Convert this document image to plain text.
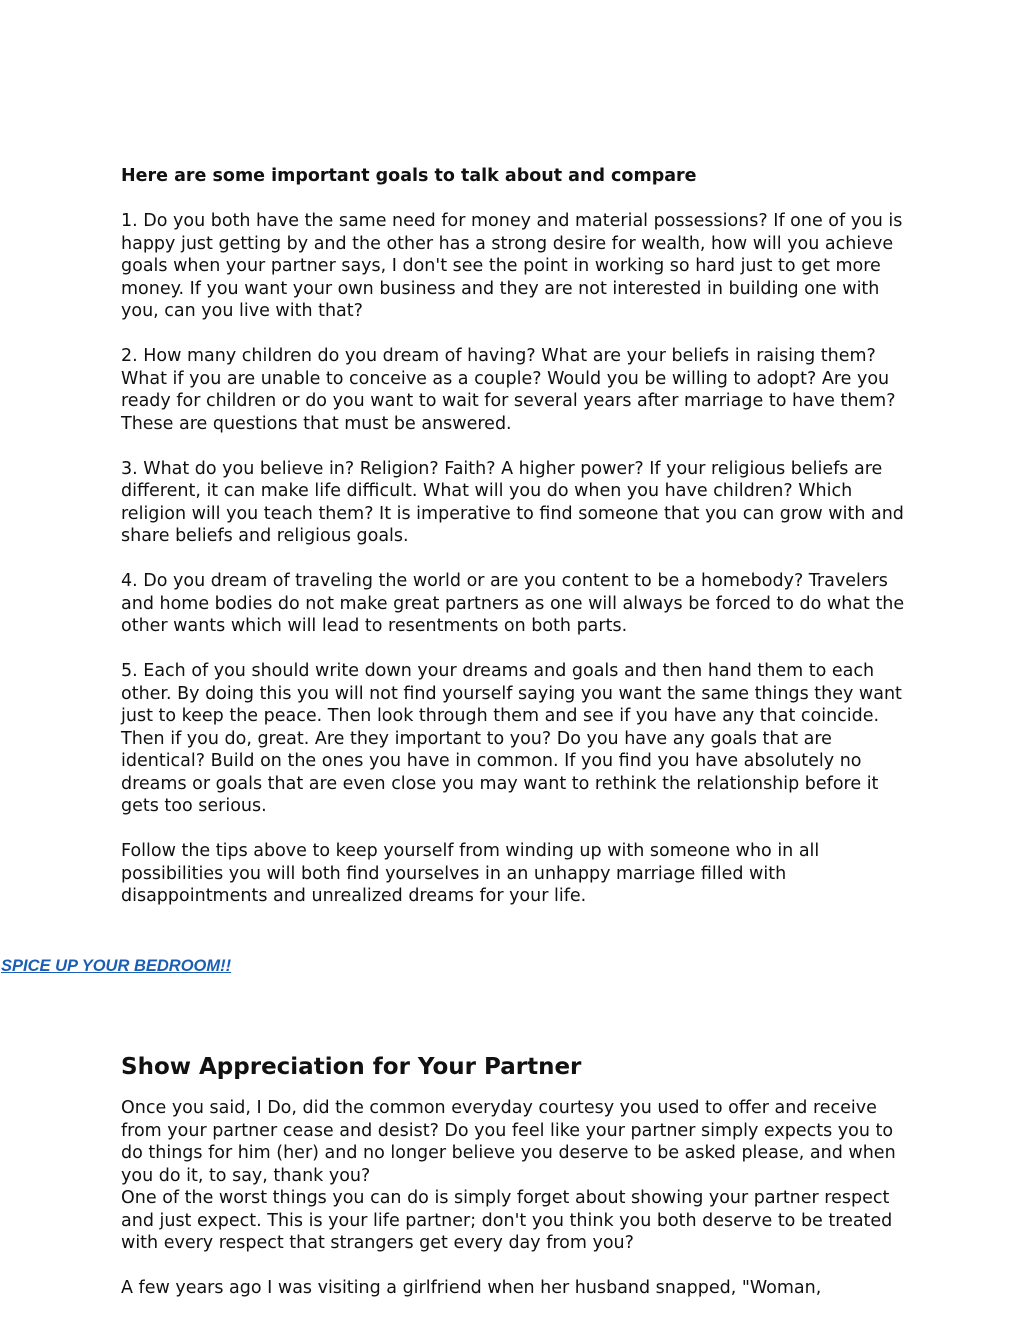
Here are some important goals to talk about and compare

1. Do you both have the same need for money and material possessions? If one of you is happy just getting by and the other has a strong desire for wealth, how will you achieve goals when your partner says, I don't see the point in working so hard just to get more money. If you want your own business and they are not interested in building one with you, can you live with that?

2. How many children do you dream of having? What are your beliefs in raising them? What if you are unable to conceive as a couple? Would you be willing to adopt? Are you ready for children or do you want to wait for several years after marriage to have them? These are questions that must be answered.

3. What do you believe in? Religion? Faith? A higher power? If your religious beliefs are different, it can make life difficult. What will you do when you have children? Which religion will you teach them? It is imperative to find someone that you can grow with and share beliefs and religious goals.

4. Do you dream of traveling the world or are you content to be a homebody? Travelers and home bodies do not make great partners as one will always be forced to do what the other wants which will lead to resentments on both parts.

5. Each of you should write down your dreams and goals and then hand them to each other. By doing this you will not find yourself saying you want the same things they want just to keep the peace. Then look through them and see if you have any that coincide. Then if you do, great. Are they important to you? Do you have any goals that are identical? Build on the ones you have in common. If you find you have absolutely no dreams or goals that are even close you may want to rethink the relationship before it gets too serious.

Follow the tips above to keep yourself from winding up with someone who in all possibilities you will both find yourselves in an unhappy marriage filled with disappointments and unrealized dreams for your life.

SPICE UP YOUR BEDROOM!!
Show Appreciation for Your Partner

Once you said, I Do, did the common everyday courtesy you used to offer and receive from your partner cease and desist? Do you feel like your partner simply expects you to do things for him (her) and no longer believe you deserve to be asked please, and when you do it, to say, thank you?

One of the worst things you can do is simply forget about showing your partner respect and just expect. This is your life partner; don't you think you both deserve to be treated with every respect that strangers get every day from you?

A few years ago I was visiting a girlfriend when her husband snapped, "Woman,
